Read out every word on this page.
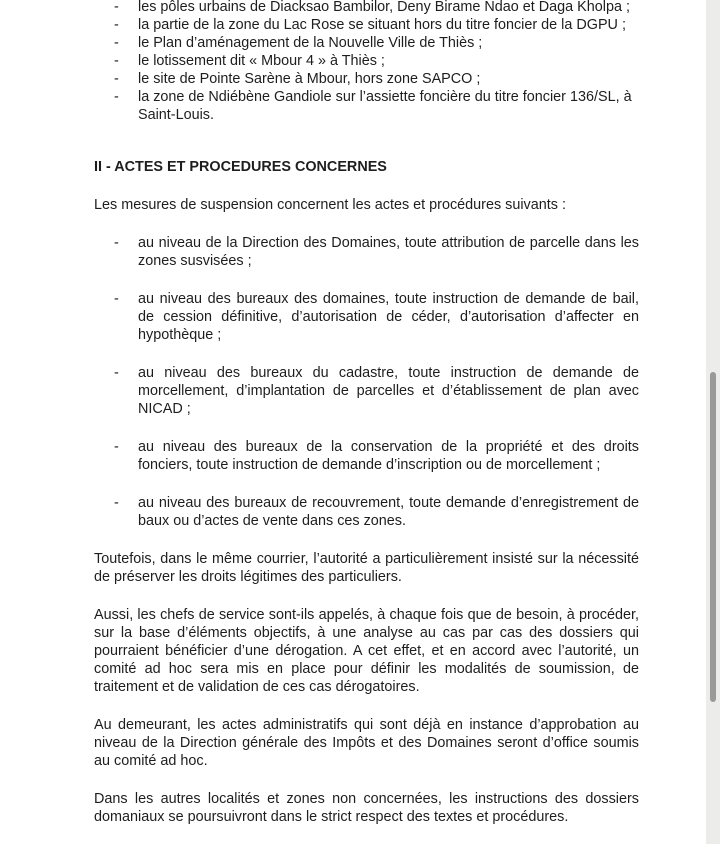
- les pôles urbains de Diacksao Bambilor, Deny Birame Ndao et Daga Kholpa ;
- la partie de la zone du Lac Rose se situant hors du titre foncier de la DGPU ;
- le Plan d’aménagement de la Nouvelle Ville de Thiès ;
- le lotissement dit « Mbour 4 » à Thiès ;
- le site de Pointe Sarène à Mbour, hors zone SAPCO ;
- la zone de Ndiébène Gandiole sur l’assiette foncière du titre foncier 136/SL, à Saint-Louis.
II - ACTES ET PROCEDURES CONCERNES
Les mesures de suspension concernent les actes et procédures suivants :
- au niveau de la Direction des Domaines, toute attribution de parcelle dans les zones susvisées ;
- au niveau des bureaux des domaines, toute instruction de demande de bail, de cession définitive, d’autorisation de céder, d’autorisation d’affecter en hypothèque ;
- au niveau des bureaux du cadastre, toute instruction de demande de morcellement, d’implantation de parcelles et d’établissement de plan avec NICAD ;
- au niveau des bureaux de la conservation de la propriété et des droits fonciers, toute instruction de demande d’inscription ou de morcellement ;
- au niveau des bureaux de recouvrement, toute demande d’enregistrement de baux ou d’actes de vente dans ces zones.

Toutefois, dans le même courrier, l’autorité a particulièrement insisté sur la nécessité de préserver les droits légitimes des particuliers.

Aussi, les chefs de service sont-ils appelés, à chaque fois que de besoin, à procéder, sur la base d’éléments objectifs, à une analyse au cas par cas des dossiers qui pourraient bénéficier d’une dérogation. A cet effet, et en accord avec l’autorité, un comité ad hoc sera mis en place pour définir les modalités de soumission, de traitement et de validation de ces cas dérogatoires.

Au demeurant, les actes administratifs qui sont déjà en instance d’approbation au niveau de la Direction générale des Impôts et des Domaines seront d’office soumis au comité ad hoc.

Dans les autres localités et zones non concernées, les instructions des dossiers domaniaux se poursuivront dans le strict respect des textes et procédures.
